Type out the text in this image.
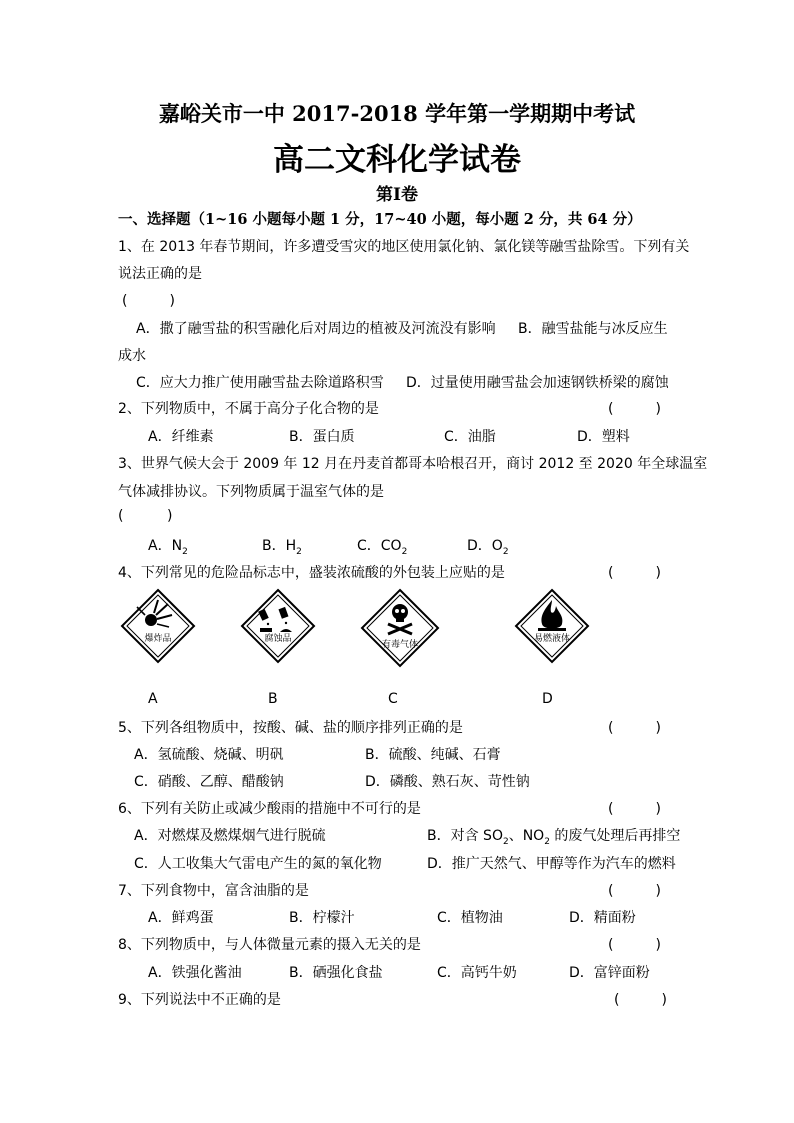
嘉峪关市一中 2017-2018 学年第一学期期中考试
高二文科化学试卷
第Ⅰ卷
一、选择题（1~16 小题每小题 1 分，17~40 小题，每小题 2 分，共 64 分）
1、在 2013 年春节期间，许多遭受雪灾的地区使用氯化钠、氯化镁等融雪盐除雪。下列有关
说法正确的是
(　　　)
A．撒了融雪盐的积雪融化后对周边的植被及河流没有影响 B．融雪盐能与冰反应生
成水
C．应大力推广使用融雪盐去除道路积雪 D．过量使用融雪盐会加速钢铁桥梁的腐蚀
2、下列物质中，不属于高分子化合物的是	(　　　)
A．纤维素	B．蛋白质	C．油脂	D．塑料
3、世界气候大会于 2009 年 12 月在丹麦首都哥本哈根召开，商讨 2012 至 2020 年全球温室
气体减排协议。下列物质属于温室气体的是
(	)
A．$N_2$	B．$H_2$	C．$CO_2$	D．$O_2$
4、下列常见的危险品标志中，盛装浓硫酸的外包装上应贴的是	(　　　)
爆炸品	腐蚀品
有毒气体
易燃液体
A	B	C	D
5、下列各组物质中，按酸、碱、盐的顺序排列正确的是	(　　　)
A．氢硫酸、烧碱、明矾	B．硫酸、纯碱、石膏
C．硝酸、乙醇、醋酸钠	D．磷酸、熟石灰、苛性钠
6、下列有关防止或减少酸雨的措施中不可行的是	(　　　)
A．对燃煤及燃煤烟气进行脱硫	B．对含 $SO_2$、$NO_2$ 的废气处理后再排空
C．人工收集大气雷电产生的氮的氧化物	D．推广天然气、甲醇等作为汽车的燃料
7、下列食物中，富含油脂的是	(　　　)
A．鲜鸡蛋	B．柠檬汁	C．植物油	D．精面粉
8、下列物质中，与人体微量元素的摄入无关的是	(　　　)
A．铁强化酱油	B．硒强化食盐	C．高钙牛奶	D．富锌面粉
9、下列说法中不正确的是	(　　　)
